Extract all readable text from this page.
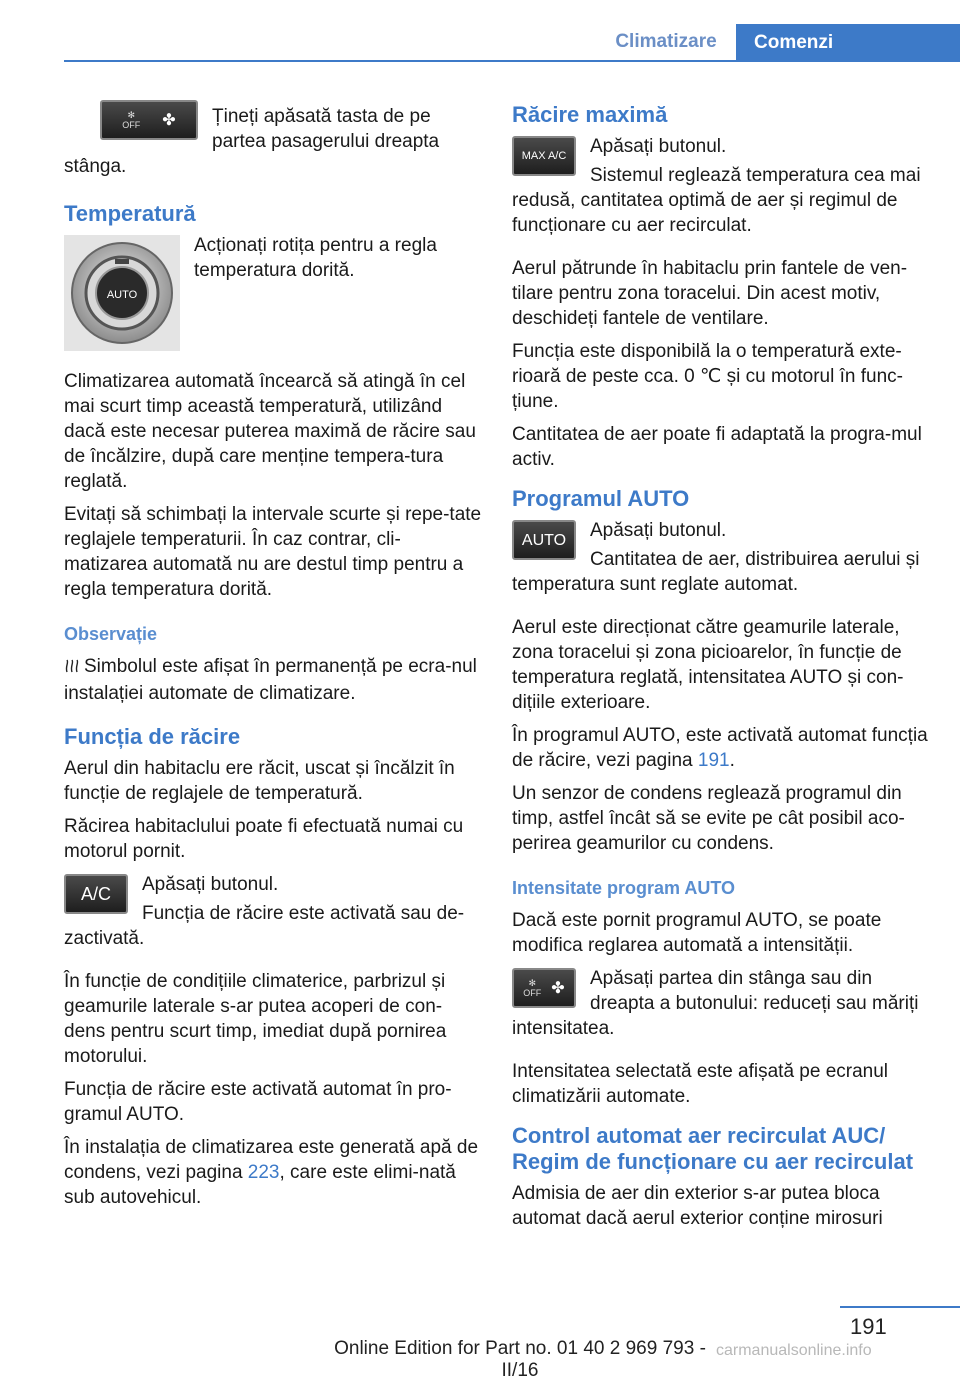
Climatizare	Comenzi
✻
OFF ✤	Țineți apăsată tasta de pe partea pasagerului dreapta stânga.

Temperatură
AUTO

Acționați rotița pentru a regla temperatura dorită.

Climatizarea automată încearcă să atingă în cel mai scurt timp această temperatură, utilizând dacă este necesar puterea maximă de răcire sau de încălzire, după care menține tempera‐tura reglată.

Evitați să schimbați la intervale scurte și repe‐tate reglajele temperaturii. În caz contrar, cli‐matizarea automată nu are destul timp pentru a regla temperatura dorită.

Observație

Simbolul este afișat în permanență pe ecra‐nul instalației automate de climatizare.

Funcția de răcire

Aerul din habitaclu ere răcit, uscat și încălzit în funcție de reglajele de temperatură.

Răcirea habitaclului poate fi efectuată numai cu motorul pornit.

A/C	Apăsați butonul.

Funcția de răcire este activată sau de‐zactivată.

În funcție de condițiile climaterice, parbrizul și geamurile laterale s-ar putea acoperi de con‐dens pentru scurt timp, imediat după pornirea motorului.

Funcția de răcire este activată automat în pro‐gramul AUTO.

În instalația de climatizarea este generată apă de condens, vezi pagina 223, care este elimi‐nată sub autovehicul.

Răcire maximă
MAX A/C	Apăsați butonul.

Sistemul reglează temperatura cea mai redusă, cantitatea optimă de aer și regimul de funcționare cu aer recirculat.

Aerul pătrunde în habitaclu prin fantele de ven‐tilare pentru zona toracelui. Din acest motiv, deschideți fantele de ventilare.

Funcția este disponibilă la o temperatură exte‐rioară de peste cca. 0 ℃ și cu motorul în func‐țiune.

Cantitatea de aer poate fi adaptată la progra‐mul activ.

Programul AUTO
AUTO	Apăsați butonul.

Cantitatea de aer, distribuirea aerului și temperatura sunt reglate automat.

Aerul este direcționat către geamurile laterale, zona toracelui și zona picioarelor, în funcție de temperatura reglată, intensitatea AUTO și con‐dițiile exterioare.

În programul AUTO, este activată automat funcția de răcire, vezi pagina 191.

Un senzor de condens reglează programul din timp, astfel încât să se evite pe cât posibil aco‐perirea geamurilor cu condens.

Intensitate program AUTO

Dacă este pornit programul AUTO, se poate modifica reglarea automată a intensității.

✻
OFF ✤	Apăsați partea din stânga sau din dreapta a butonului: reduceți sau măriți intensitatea.

Intensitatea selectată este afișată pe ecranul climatizării automate.

Control automat aer recirculat AUC/ Regim de funcționare cu aer recirculat

Admisia de aer din exterior s-ar putea bloca automat dacă aerul exterior conține mirosuri

191
Online Edition for Part no. 01 40 2 969 793 - II/16
carmanualsonline.info
